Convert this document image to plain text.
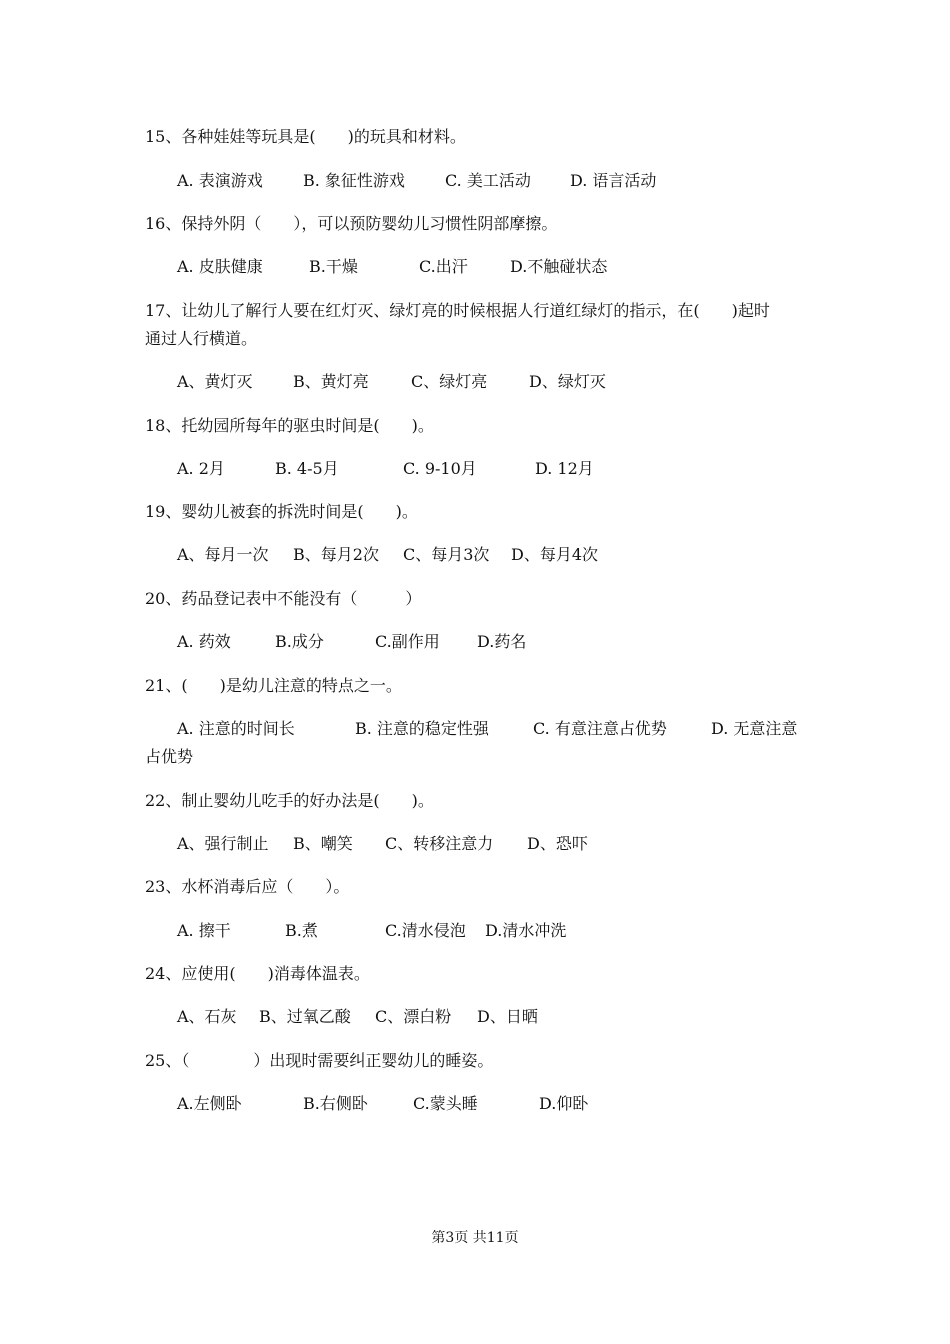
15、各种娃娃等玩具是(　　)的玩具和材料。
A. 表演游戏	B. 象征性游戏	C. 美工活动 D. 语言活动
16、保持外阴（　　），可以预防婴幼儿习惯性阴部摩擦。
A. 皮肤健康	B.干燥	C.出汗	D.不触碰状态
17、让幼儿了解行人要在红灯灭、绿灯亮的时候根据人行道红绿灯的指示，在(　　)起时
通过人行横道。
A、黄灯灭	B、黄灯亮	C、绿灯亮	D、绿灯灭
18、托幼园所每年的驱虫时间是(　　)。
A. 2月	B. 4-5月	C. 9-10月	D. 12月
19、婴幼儿被套的拆洗时间是(　　)。
A、每月一次 B、每月2次 C、每月3次 D、每月4次
20、药品登记表中不能没有（　　　）
A. 药效	B.成分	C.副作用 D.药名
21、(　　)是幼儿注意的特点之一。
A. 注意的时间长	B. 注意的稳定性强	C. 有意注意占优势	D. 无意注意
占优势
22、制止婴幼儿吃手的好办法是(　　)。
A、强行制止 B、嘲笑 C、转移注意力 D、恐吓
23、水杯消毒后应（　　）。
A. 擦干	B.煮	C.清水侵泡 D.清水冲洗
24、应使用(　　)消毒体温表。
A、石灰 B、过氧乙酸 C、漂白粉 D、日晒
25、（　　　　）出现时需要纠正婴幼儿的睡姿。
A.左侧卧	B.右侧卧	C.蒙头睡	D.仰卧
第3页 共11页
